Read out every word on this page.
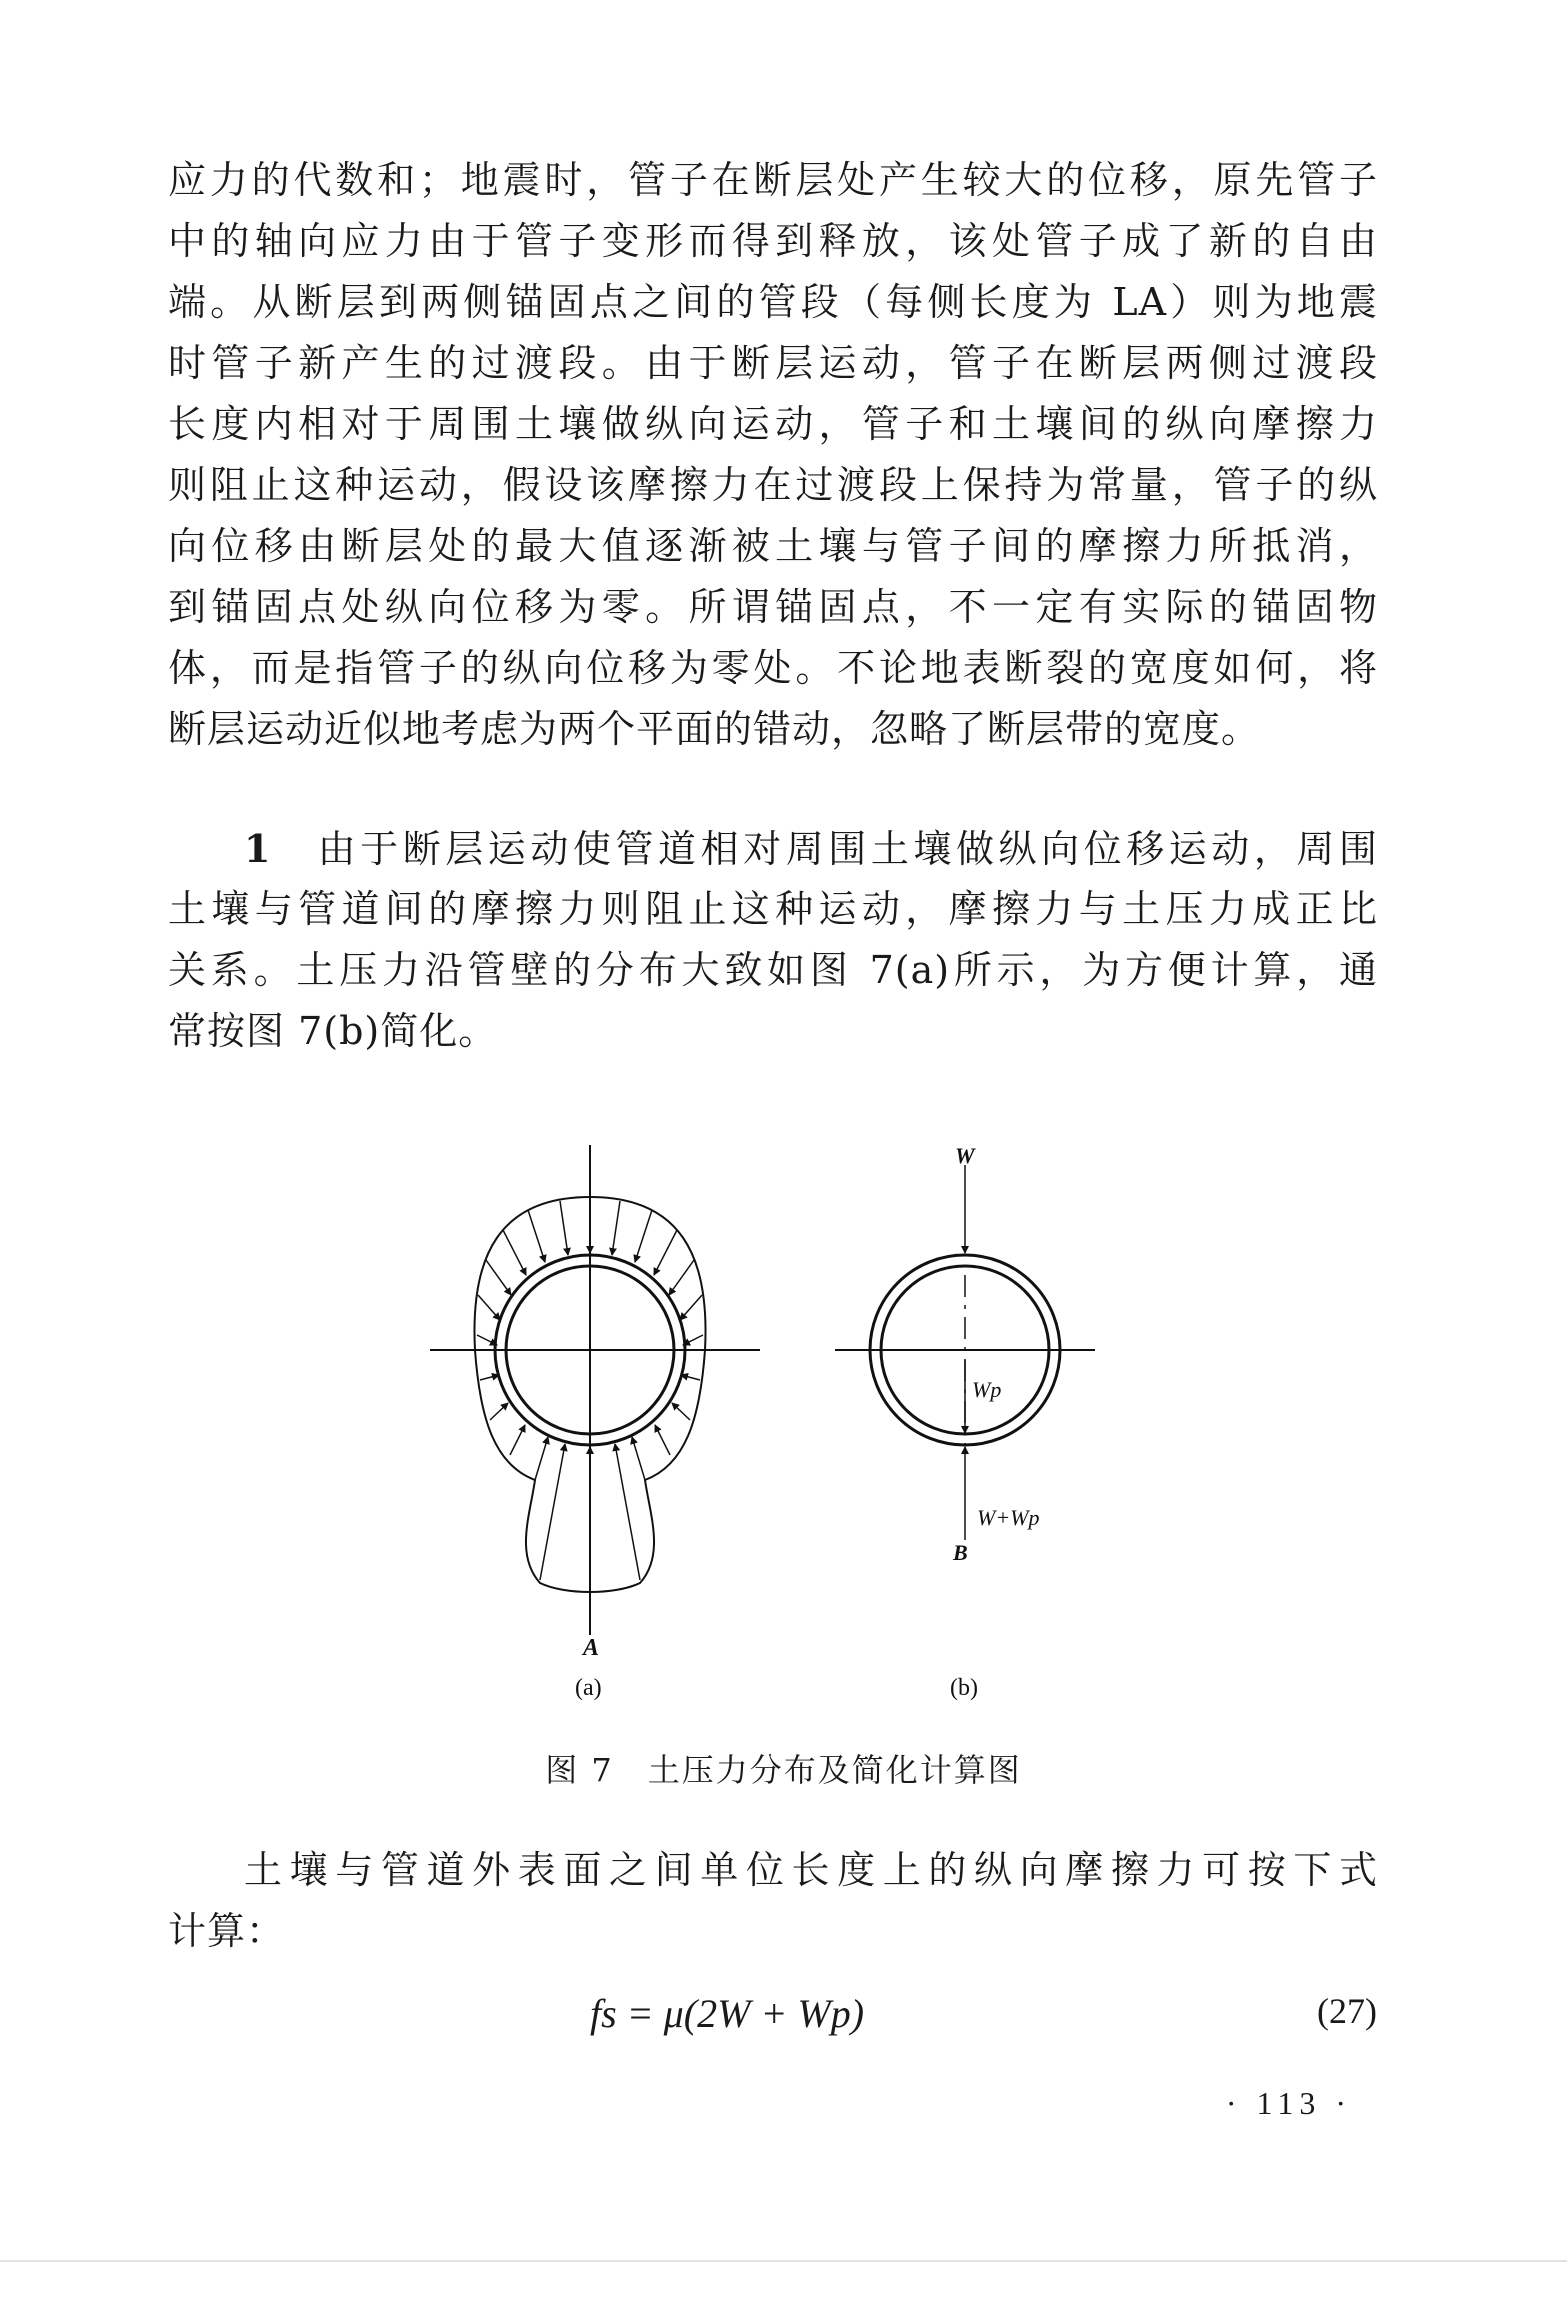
应力的代数和；地震时，管子在断层处产生较大的位移，原先管子
中的轴向应力由于管子变形而得到释放，该处管子成了新的自由
端。从断层到两侧锚固点之间的管段（每侧长度为 LA）则为地震
时管子新产生的过渡段。由于断层运动，管子在断层两侧过渡段
长度内相对于周围土壤做纵向运动，管子和土壤间的纵向摩擦力
则阻止这种运动，假设该摩擦力在过渡段上保持为常量，管子的纵
向位移由断层处的最大值逐渐被土壤与管子间的摩擦力所抵消，
到锚固点处纵向位移为零。所谓锚固点，不一定有实际的锚固物
体，而是指管子的纵向位移为零处。不论地表断裂的宽度如何，将
断层运动近似地考虑为两个平面的错动，忽略了断层带的宽度。
1　 由于断层运动使管道相对周围土壤做纵向位移运动，周围
土壤与管道间的摩擦力则阻止这种运动，摩擦力与土压力成正比
关系。土压力沿管壁的分布大致如图 7(a)所示，为方便计算，通
常按图 7(b)简化。
A
(a)
W
Wp
W+Wp
B
(b)
图 7　土压力分布及简化计算图
土壤与管道外表面之间单位长度上的纵向摩擦力可按下式
计算：
fs = μ(2W + Wp)	(27)
· 113 ·
